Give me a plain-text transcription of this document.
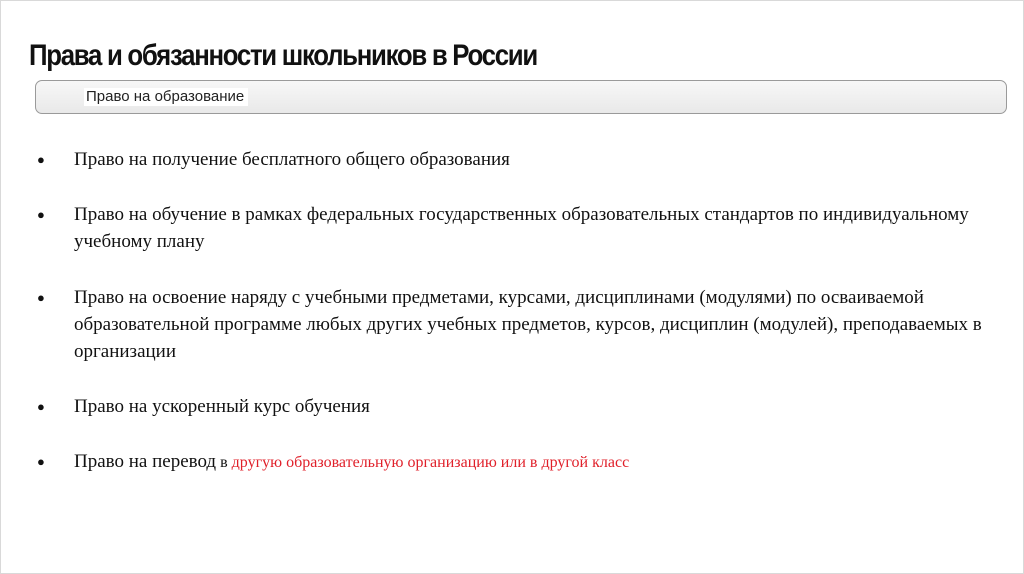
Права и обязанности школьников в России
Право на образование
● Право на получение бесплатного общего образования
● Право на обучение в рамках федеральных государственных образовательных стандартов по индивидуальному учебному плану
● Право на освоение наряду с учебными предметами, курсами, дисциплинами (модулями) по осваиваемой образовательной программе любых других учебных предметов, курсов, дисциплин (модулей), преподаваемых в организации
● Право на ускоренный курс обучения
● Право на перевод в другую образовательную организацию или в другой класс
